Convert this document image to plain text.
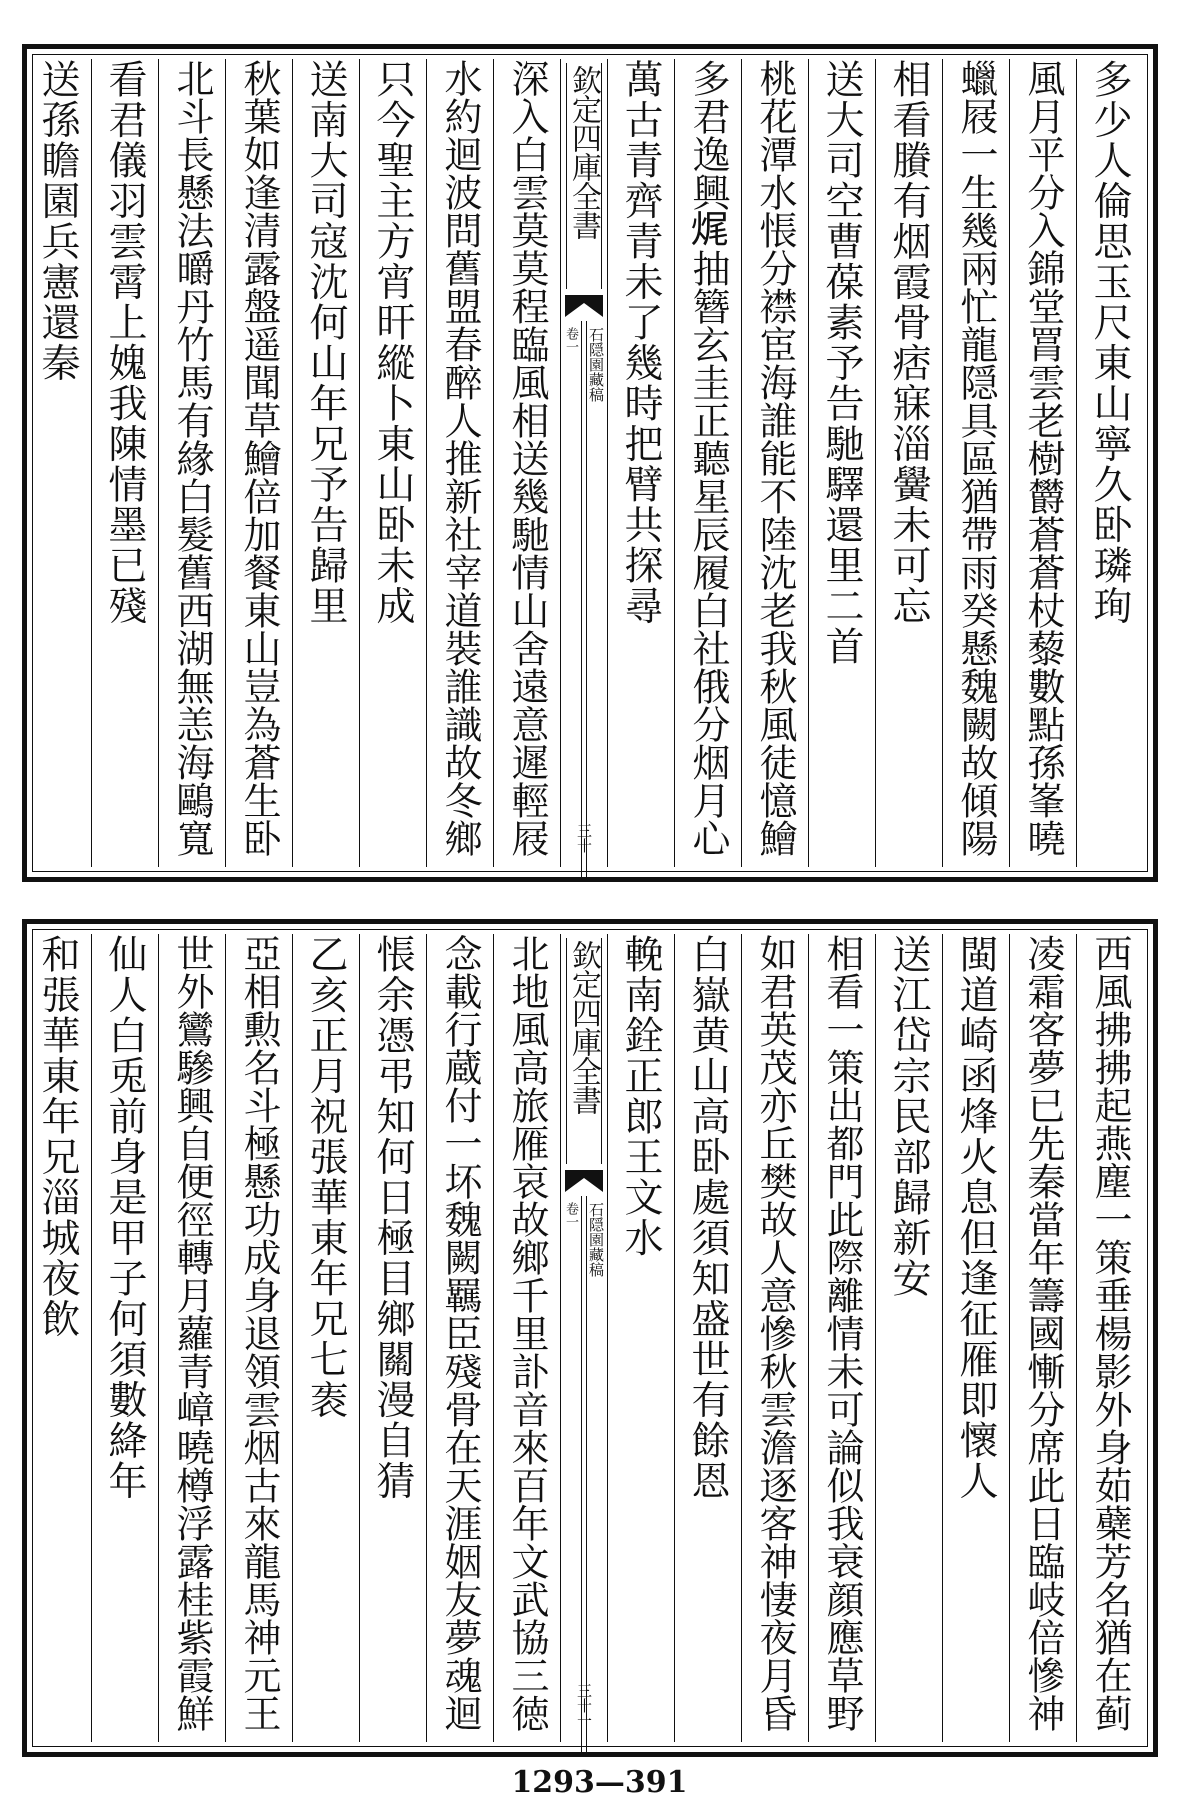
多少人倫思玉尺東山寧久卧璘珣
風月平分入錦堂罥雲老樹欝蒼蒼杖藜數點孫峯曉
蠟屐一生幾兩忙龍隠具區猶帶雨癸懸魏闕故傾陽
相看賸有烟霞骨痞寐淄黌未可忘
送大司空曹葆素予告馳驛還里二首
桃花潭水悵分襟宦海誰能不陸沈老我秋風徒憶鱠
多君逸興𤈦抽簪玄圭正聽星辰履白社俄分烟月心
萬古青齊青未了幾時把臂共探尋
欽定四庫全書
石隠園藏稿
卷一
三十
深入白雲莫莫程臨風相送幾馳情山舍遠意遲輕屐
水約迴波問舊盟春醉人推新社宰道裝誰識故冬鄉
只今聖主方宵旰縱卜東山卧未成
送南大司寇沈何山年兄予告歸里
秋葉如逢清露盤遥聞草鱠倍加餐東山豈為蒼生卧
北斗長懸法㬭丹竹馬有緣白髮舊西湖無恙海鷗寬
看君儀羽雲霄上媿我陳情墨已殘
送孫瞻園兵憲還秦
西風拂拂起燕塵一策垂楊影外身茹蘗芳名猶在蓟
凌霜客夢已先秦當年籌國慚分席此日臨岐倍慘神
閩道崎函烽火息但逢征雁即懷人
送江岱宗民部歸新安
相看一策出都門此際離情未可論似我衰顔應草野
如君英茂亦丘樊故人意慘秋雲澹逐客神悽夜月昏
白嶽黄山高卧處須知盛世有餘恩
輓南銓正郎王文水
欽定四庫全書
石隠園藏稿
卷一
三十一
北地風高旅雁哀故鄉千里訃音來百年文武協三徳
念載行蔵付一坏魏闕羈臣殘骨在天涯姻友夢魂迴
悵余憑弔知何日極目鄉關漫自猜
乙亥正月祝張華東年兄七袠
亞相勲名斗極懸功成身退領雲烟古來龍馬神元王
世外鸞驂興自便徑轉月蘿青嶂曉樽浮露桂紫霞鮮
仙人白兎前身是甲子何須數絳年
和張華東年兄淄城夜飲
1293—391
